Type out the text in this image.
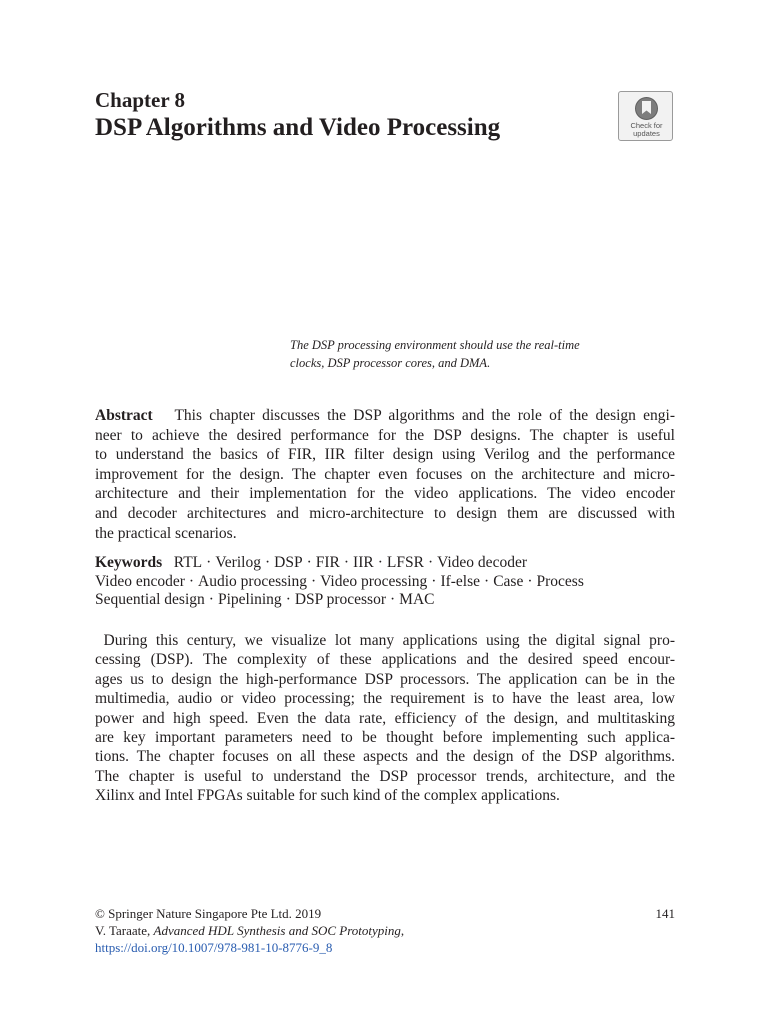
Chapter 8
DSP Algorithms and Video Processing	Check for
updates
The DSP processing environment should use the real-time
clocks, DSP processor cores, and DMA.
Abstract This chapter discusses the DSP algorithms and the role of the design engi-
neer to achieve the desired performance for the DSP designs. The chapter is useful
to understand the basics of FIR, IIR filter design using Verilog and the performance
improvement for the design. The chapter even focuses on the architecture and micro-
architecture and their implementation for the video applications. The video encoder
and decoder architectures and micro-architecture to design them are discussed with
the practical scenarios.
Keywords RTL · Verilog · DSP · FIR · IIR · LFSR · Video decoder
Video encoder · Audio processing · Video processing · If-else · Case · Process
Sequential design · Pipelining · DSP processor · MAC
During this century, we visualize lot many applications using the digital signal pro-
cessing (DSP). The complexity of these applications and the desired speed encour-
ages us to design the high-performance DSP processors. The application can be in the
multimedia, audio or video processing; the requirement is to have the least area, low
power and high speed. Even the data rate, efficiency of the design, and multitasking
are key important parameters need to be thought before implementing such applica-
tions. The chapter focuses on all these aspects and the design of the DSP algorithms.
The chapter is useful to understand the DSP processor trends, architecture, and the
Xilinx and Intel FPGAs suitable for such kind of the complex applications.
© Springer Nature Singapore Pte Ltd. 2019	141
V. Taraate, Advanced HDL Synthesis and SOC Prototyping,
https://doi.org/10.1007/978-981-10-8776-9_8
